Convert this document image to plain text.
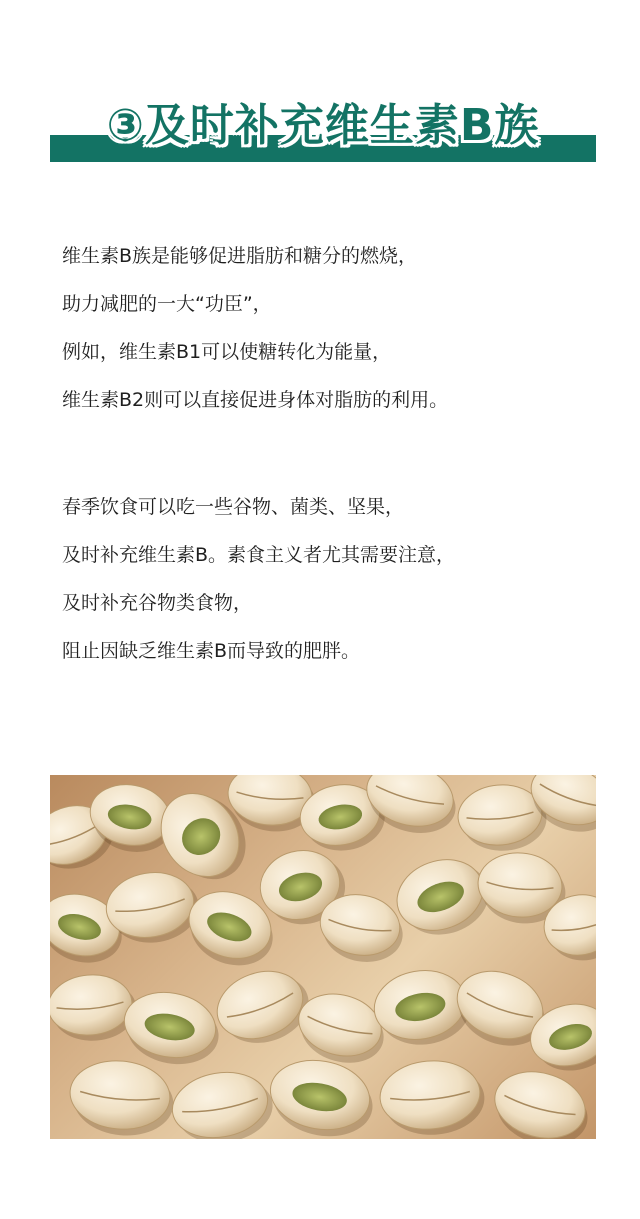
③及时补充维生素B族

维生素B族是能够促进脂肪和糖分的燃烧，

助力减肥的一大“功臣”，

例如，维生素B1可以使糖转化为能量，

维生素B2则可以直接促进身体对脂肪的利用。

春季饮食可以吃一些谷物、菌类、坚果，

及时补充维生素B。素食主义者尤其需要注意，

及时补充谷物类食物，

阻止因缺乏维生素B而导致的肥胖。
